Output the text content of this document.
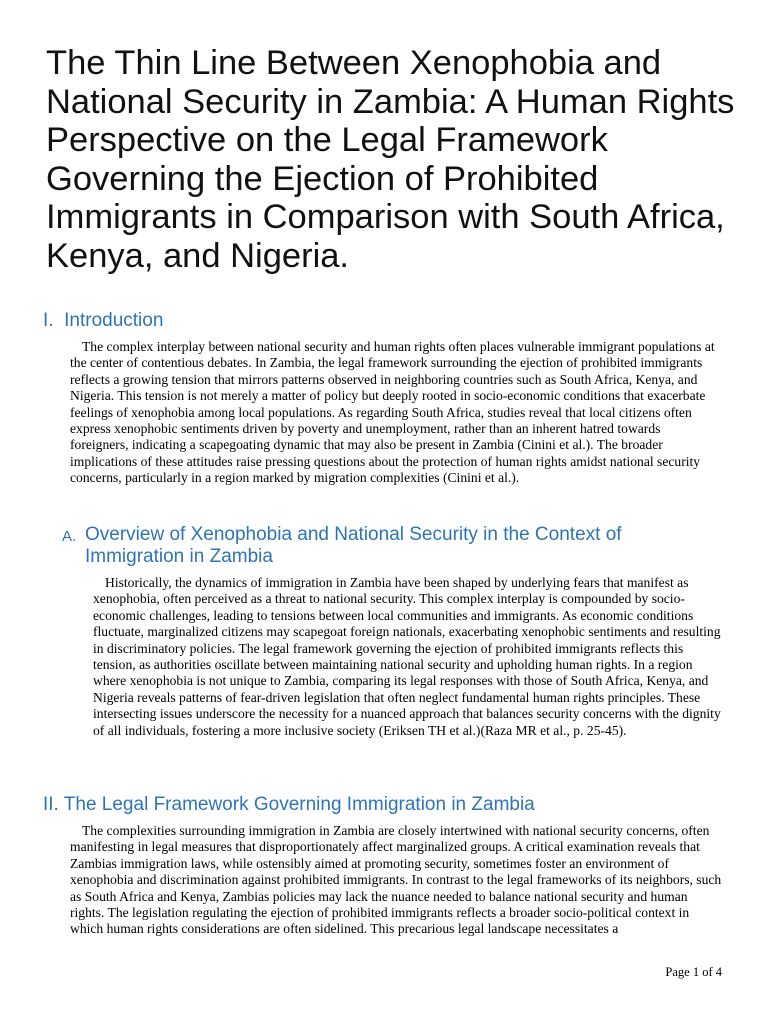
The Thin Line Between Xenophobia and National Security in Zambia: A Human Rights Perspective on the Legal Framework Governing the Ejection of Prohibited Immigrants in Comparison with South Africa, Kenya, and Nigeria.
I. Introduction

The complex interplay between national security and human rights often places vulnerable immigrant populations at the center of contentious debates. In Zambia, the legal framework surrounding the ejection of prohibited immigrants reflects a growing tension that mirrors patterns observed in neighboring countries such as South Africa, Kenya, and Nigeria. This tension is not merely a matter of policy but deeply rooted in socio-economic conditions that exacerbate feelings of xenophobia among local populations. As regarding South Africa, studies reveal that local citizens often express xenophobic sentiments driven by poverty and unemployment, rather than an inherent hatred towards foreigners, indicating a scapegoating dynamic that may also be present in Zambia (Cinini et al.). The broader implications of these attitudes raise pressing questions about the protection of human rights amidst national security concerns, particularly in a region marked by migration complexities (Cinini et al.).

A. Overview of Xenophobia and National Security in the Context of Immigration in Zambia

Historically, the dynamics of immigration in Zambia have been shaped by underlying fears that manifest as xenophobia, often perceived as a threat to national security. This complex interplay is compounded by socio-economic challenges, leading to tensions between local communities and immigrants. As economic conditions fluctuate, marginalized citizens may scapegoat foreign nationals, exacerbating xenophobic sentiments and resulting in discriminatory policies. The legal framework governing the ejection of prohibited immigrants reflects this tension, as authorities oscillate between maintaining national security and upholding human rights. In a region where xenophobia is not unique to Zambia, comparing its legal responses with those of South Africa, Kenya, and Nigeria reveals patterns of fear-driven legislation that often neglect fundamental human rights principles. These intersecting issues underscore the necessity for a nuanced approach that balances security concerns with the dignity of all individuals, fostering a more inclusive society (Eriksen TH et al.)(Raza MR et al., p. 25-45).

II. The Legal Framework Governing Immigration in Zambia

The complexities surrounding immigration in Zambia are closely intertwined with national security concerns, often manifesting in legal measures that disproportionately affect marginalized groups. A critical examination reveals that Zambias immigration laws, while ostensibly aimed at promoting security, sometimes foster an environment of xenophobia and discrimination against prohibited immigrants. In contrast to the legal frameworks of its neighbors, such as South Africa and Kenya, Zambias policies may lack the nuance needed to balance national security and human rights. The legislation regulating the ejection of prohibited immigrants reflects a broader socio-political context in which human rights considerations are often sidelined. This precarious legal landscape necessitates a

Page 1 of 4
